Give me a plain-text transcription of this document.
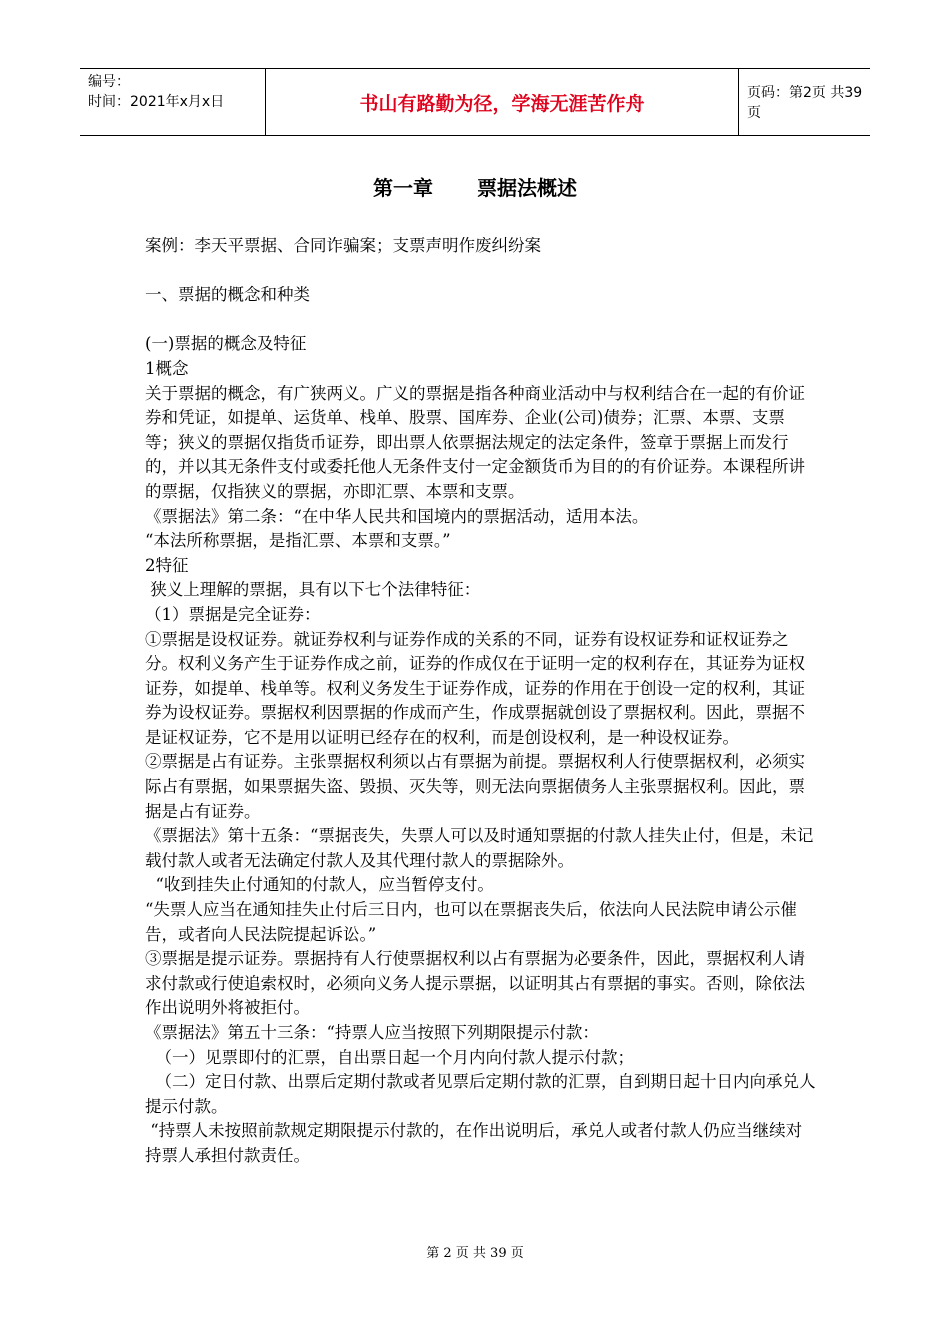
编号：
时间：2021年x月x日	书山有路勤为径，学海无涯苦作舟	页码：第2页 共39页
第一章 票据法概述

案例：李天平票据、合同诈骗案；支票声明作废纠纷案

一、票据的概念和种类

(一)票据的概念及特征

1概念

关于票据的概念，有广狭两义。广义的票据是指各种商业活动中与权利结合在一起的有价证券和凭证，如提单、运货单、栈单、股票、国库券、企业(公司)债券；汇票、本票、支票等；狭义的票据仅指货币证券，即出票人依票据法规定的法定条件，签章于票据上而发行的，并以其无条件支付或委托他人无条件支付一定金额货币为目的的有价证券。本课程所讲的票据，仅指狭义的票据，亦即汇票、本票和支票。

《票据法》第二条：“在中华人民共和国境内的票据活动，适用本法。

“本法所称票据，是指汇票、本票和支票。”

2特征

狭义上理解的票据，具有以下七个法律特征：

（1）票据是完全证券：

①票据是设权证券。就证券权利与证券作成的关系的不同，证券有设权证券和证权证券之分。权利义务产生于证券作成之前，证券的作成仅在于证明一定的权利存在，其证券为证权证券，如提单、栈单等。权利义务发生于证券作成，证券的作用在于创设一定的权利，其证券为设权证券。票据权利因票据的作成而产生，作成票据就创设了票据权利。因此，票据不是证权证券，它不是用以证明已经存在的权利，而是创设权利，是一种设权证券。

②票据是占有证券。主张票据权利须以占有票据为前提。票据权利人行使票据权利，必须实际占有票据，如果票据失盗、毁损、灭失等，则无法向票据债务人主张票据权利。因此，票据是占有证券。

《票据法》第十五条：“票据丧失，失票人可以及时通知票据的付款人挂失止付，但是，未记载付款人或者无法确定付款人及其代理付款人的票据除外。

“收到挂失止付通知的付款人，应当暂停支付。

“失票人应当在通知挂失止付后三日内，也可以在票据丧失后，依法向人民法院申请公示催告，或者向人民法院提起诉讼。”

③票据是提示证券。票据持有人行使票据权利以占有票据为必要条件，因此，票据权利人请求付款或行使追索权时，必须向义务人提示票据，以证明其占有票据的事实。否则，除依法作出说明外将被拒付。

《票据法》第五十三条：“持票人应当按照下列期限提示付款：

（一）见票即付的汇票，自出票日起一个月内向付款人提示付款；

（二）定日付款、出票后定期付款或者见票后定期付款的汇票，自到期日起十日内向承兑人提示付款。

“持票人未按照前款规定期限提示付款的，在作出说明后，承兑人或者付款人仍应当继续对持票人承担付款责任。

第 2 页 共 39 页
